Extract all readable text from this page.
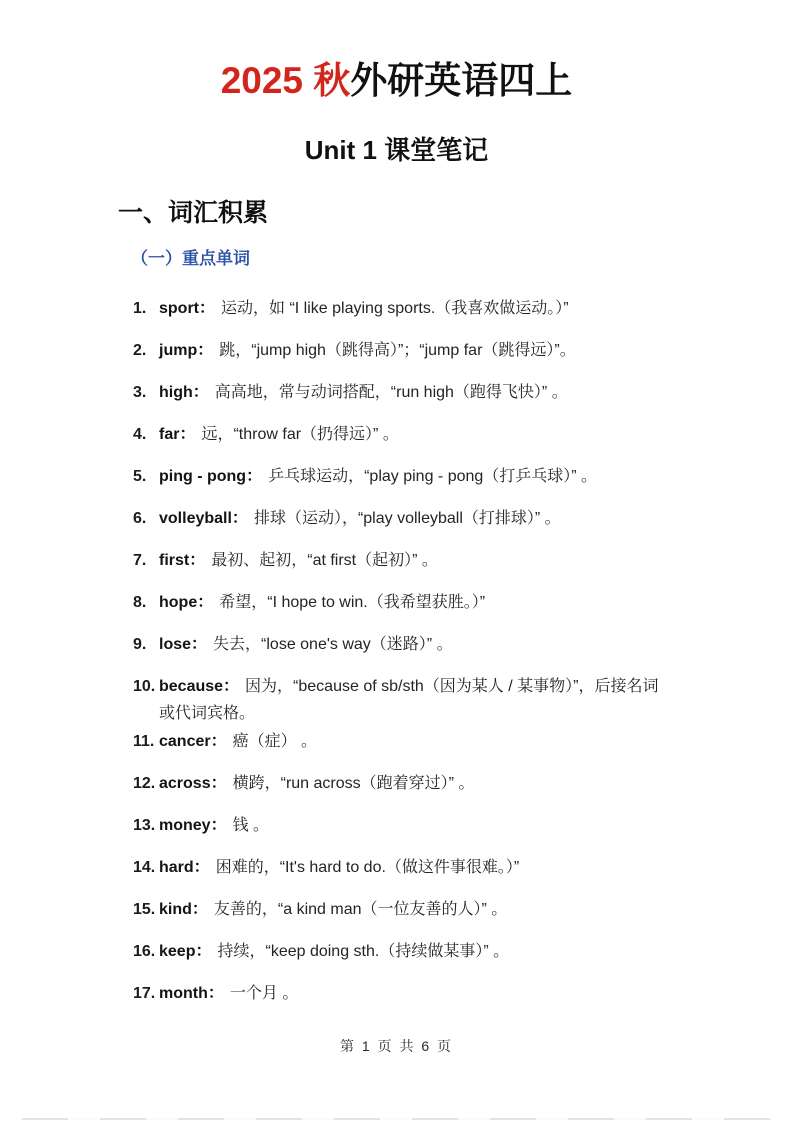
2025 秋外研英语四上
Unit 1 课堂笔记
一、词汇积累
（一）重点单词
1. sport： 运动，如 “I like playing sports.（我喜欢做运动。）”
2. jump： 跳，“jump high（跳得高）”；“jump far（跳得远）”。
3. high： 高高地，常与动词搭配，“run high（跑得飞快）” 。
4. far： 远，“throw far（扔得远）” 。
5. ping - pong： 乒乓球运动，“play ping - pong（打乒乓球）” 。
6. volleyball： 排球（运动），“play volleyball（打排球）” 。
7. first： 最初、起初，“at first（起初）” 。
8. hope： 希望，“I hope to win.（我希望获胜。）”
9. lose： 失去，“lose one's way（迷路）” 。
10. because： 因为，“because of sb/sth（因为某人 / 某事物）”，后接名词
或代词宾格。
11. cancer： 癌（症） 。
12. across： 横跨，“run across（跑着穿过）” 。
13. money： 钱 。
14. hard： 困难的，“It's hard to do.（做这件事很难。）”
15. kind： 友善的，“a kind man（一位友善的人）” 。
16. keep： 持续，“keep doing sth.（持续做某事）” 。
17. month： 一个月 。
第 1 页 共 6 页
